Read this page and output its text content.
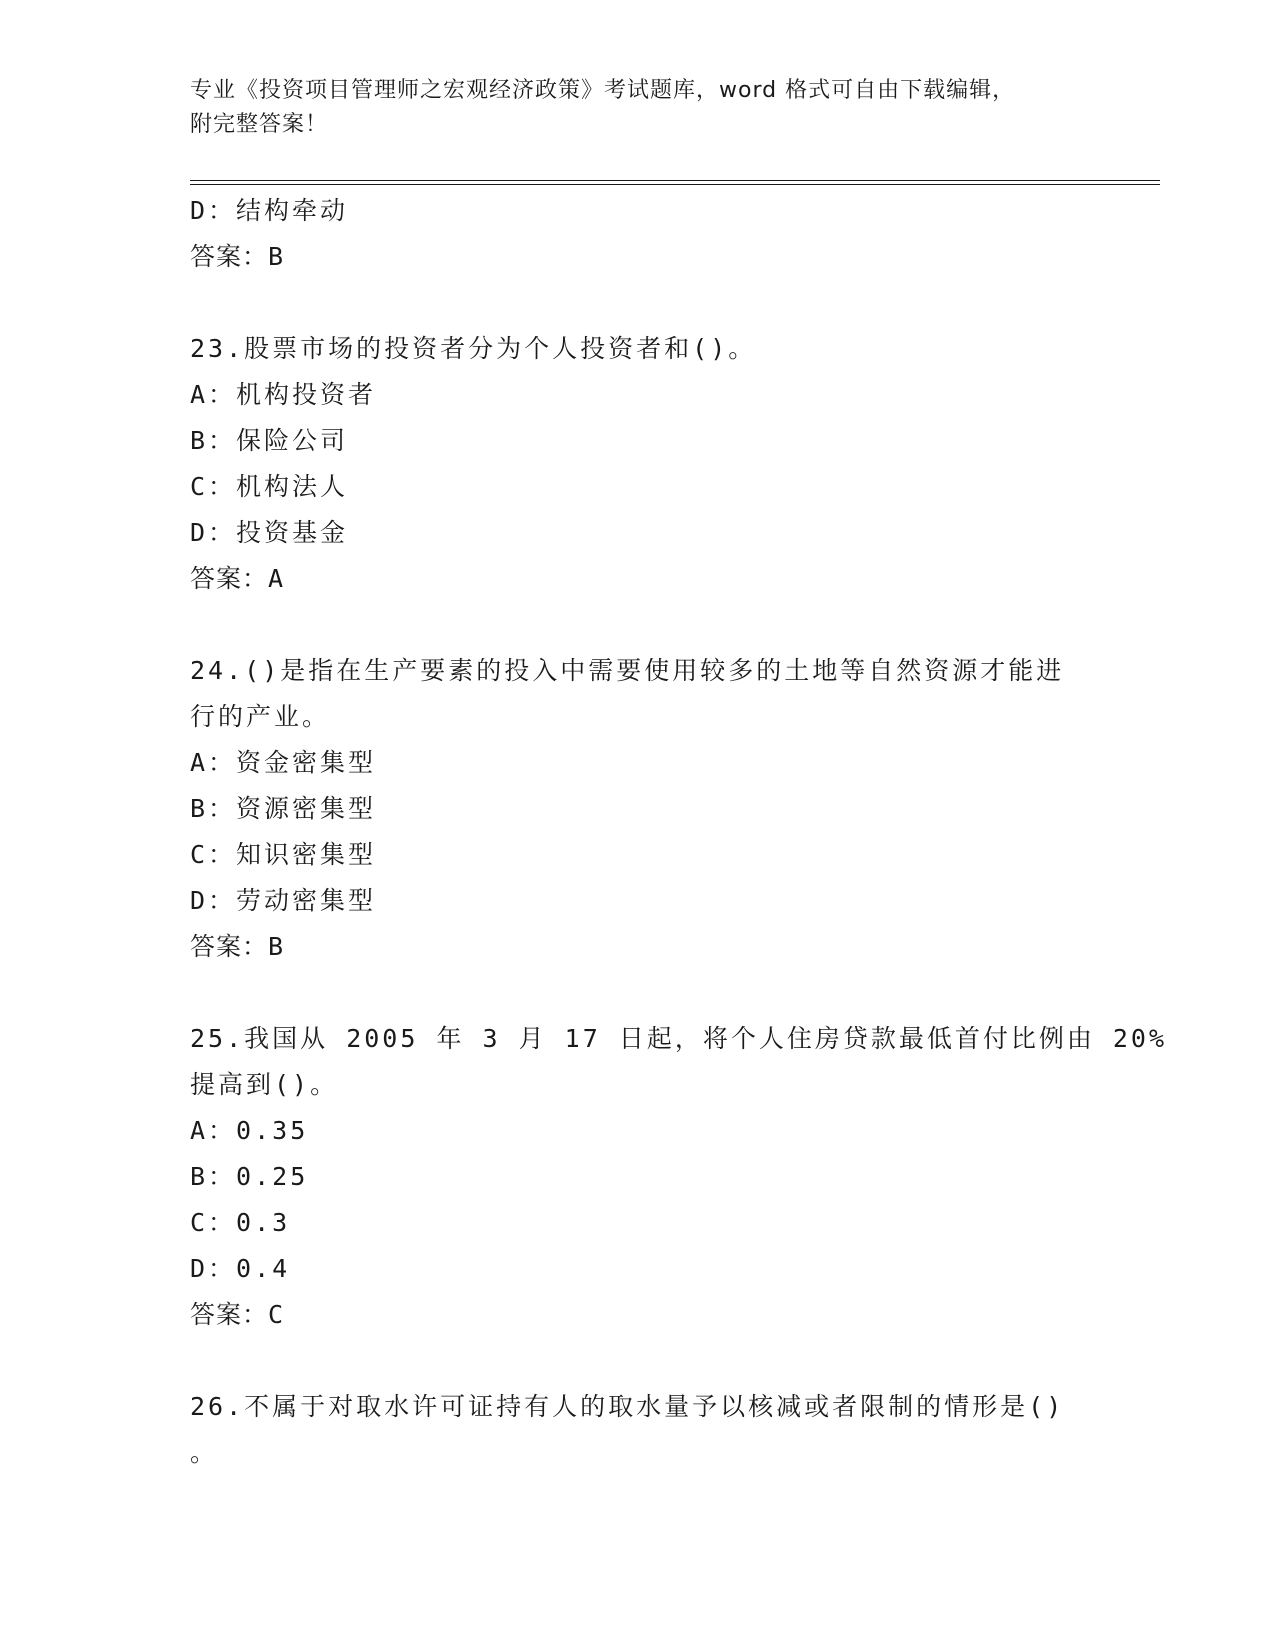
专业《投资项目管理师之宏观经济政策》考试题库，word 格式可自由下载编辑，
附完整答案！
D：结构牵动
答案：B
23.股票市场的投资者分为个人投资者和()。
A：机构投资者
B：保险公司
C：机构法人
D：投资基金
答案：A
24.()是指在生产要素的投入中需要使用较多的土地等自然资源才能进
行的产业。
A：资金密集型
B：资源密集型
C：知识密集型
D：劳动密集型
答案：B
25.我国从 2005 年 3 月 17 日起，将个人住房贷款最低首付比例由 20%
提高到()。
A：0.35
B：0.25
C：0.3
D：0.4
答案：C
26.不属于对取水许可证持有人的取水量予以核减或者限制的情形是()
。
